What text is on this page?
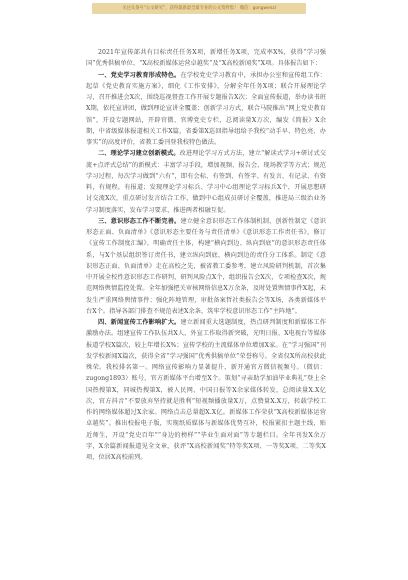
关注头条号“公文研究”，获得最新最全最专业的公文资料集！ 微信：gongwenzl

2021年宣传部共有目标责任任务X项，新增任务X项，完成率X%，获得“学习强国”优秀供稿单位、“X高校新媒体运营卓越奖”及“X高校新闻奖”X项。具体报告如下：

一、党史学习教育形成特色。在学校党史学习教育中，承担办公室和宣传组工作：起草《党史教育实施方案》，细化《工作安排》，分解全年任务X项；联合开展理论学习，召开推进会X次，围绕巡视督查工作开展专题报告X次；全面宣传报道，举办读书班X期，依托宣讲团，做到理论宣讲全覆盖；创新学习方式，联合马院推出“网上党史教育馆”，开设专题网站，开辟官微、官博党史专栏，总阅读量X万次，编发《简报》X余期，中省级媒体报道相关工作X篇，省委第X巡回指导组给予我校“动手早、特色亮、办事实”的高度评价，省教工委刊登我校特色做法。

二、理论学习建立创新模式。改进理论学习方式方法，建立“解读式学习+研讨式交流+点评式总结”的新模式：丰富学习手段，增加视频、报告会、现场教学等方式；规范学习过程，每次学习做到“六有”，即有会标、有签到、有签字、有发言、有记录、有资料，有规程，有报道；发现理论学习标兵、学习中心组理论学习标兵X个，开展思想研讨交流X次，重点研讨发言结合工作，做到中心组成员研讨全覆盖，推进局三级治业务学习制度落实，发布学习要求，推进两者相融互促。

三、意识形态工作不断完善。建立健全意识形态工作体制机制，创新性制定《意识形态正面、负面清单》《意识形态主要任务与责任清单》《意识形态工作责任书》，修订《宣传工作制度汇编》，明确责任主体，构建“横向到边、纵向到底”的意识形态责任体系，与X个基层组织签订责任书，建立纵向到底、横向到边的责任分工体系。制定《意识形态正面、负面清单》走在高校之先，被省教工委参考。建立风险研判机制，首次集中开展全校性意识形态工作研判，研判风险点X个，组织报告会X次，专项检查X次，规范网络舆情监控处置。全年加强把关审核网络信息X万余条，及时处置舆情事件X起，未发生严重网络舆情事件；强化阵地管理，审批备案哲社类报告会等X场，各类新媒体平台X个。指导各部门排查不规范表述X余条，筑牢学校意识形态工作“主阵地”。

四、新闻宣传工作影响扩大。建立新闻重大选题制度，热点研判制度和新媒体工作激励办法。组建宣传工作队伍共X人，外宣工作取得新突破，光明日报、X电视台等媒体报道学校X篇次，较上年增长X%；宣传学校的主流媒体单位增加X家。在“学习强国”刊发学校新闻X篇次，获得全省“学习强国”优秀供稿单位”荣誉称号。全省仅X所高校获此殊荣。我校排名第一。网络宣传影响力显著提升，新开通官方微信视频号。（微信：zugong1893）账号，官方新媒体平台增至X个。策划“寻亲助学加油毕业典礼”登上全国热搜第X，同城热搜第X，被人民网、中国日报等X余家媒体转发，总阅读量X.X亿次，官方抖音“不要放弃坚持就是胜利”短视频播放量X万，点赞量X.X万，转载学校工作的网络媒体超过X余家。网络点击总量超X.X亿。新媒体工作荣获“X高校新媒体运营卓越奖”。推出校报电子版，实现纸质媒体与新媒体优势互补，校报紧扣主题主线，贴近师生，开设“党史百年”“身边的榜样”“毕业生面对面”等专题栏目。全年刊发X余万字，X余篇新闻报道见全文章，获评“X高校新闻奖”特等奖X项、一等奖X项、二等奖X项，位居X高校前列。
